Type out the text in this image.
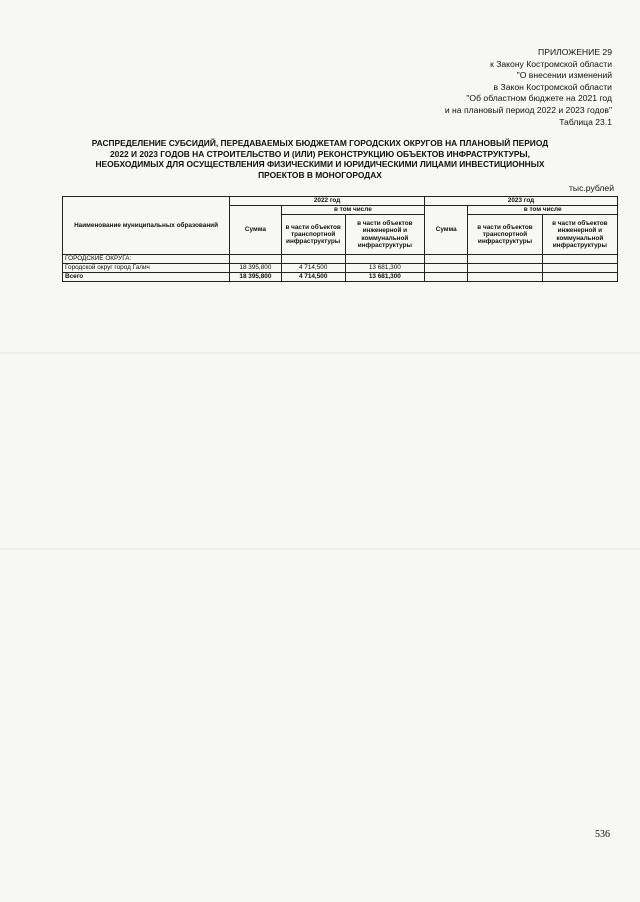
ПРИЛОЖЕНИЕ 29
к Закону Костромской области
"О внесении изменений
в Закон Костромской области
"Об областном бюджете на 2021 год
и на плановый период 2022 и 2023 годов"
Таблица 23.1
РАСПРЕДЕЛЕНИЕ СУБСИДИЙ, ПЕРЕДАВАЕМЫХ БЮДЖЕТАМ ГОРОДСКИХ ОКРУГОВ НА ПЛАНОВЫЙ ПЕРИОД
2022 И 2023 ГОДОВ НА СТРОИТЕЛЬСТВО И (ИЛИ) РЕКОНСТРУКЦИЮ ОБЪЕКТОВ ИНФРАСТРУКТУРЫ,
НЕОБХОДИМЫХ ДЛЯ ОСУЩЕСТВЛЕНИЯ ФИЗИЧЕСКИМИ И ЮРИДИЧЕСКИМИ ЛИЦАМИ ИНВЕСТИЦИОННЫХ
ПРОЕКТОВ В МОНОГОРОДАХ
тыс.рублей
Наименование муниципальных образований	2022 год			2023 год		
	Сумма	в том числе		Сумма	в том числе	
		в части объектов транспортной инфраструктуры	в части объектов инженерной и коммунальной инфраструктуры		в части объектов транспортной инфраструктуры	в части объектов инженерной и коммунальной инфраструктуры
ГОРОДСКИЕ ОКРУГА:						
Городской округ город Галич	18 395,800	4 714,500	13 681,300			
Всего	18 395,800	4 714,500	13 681,300			
536
